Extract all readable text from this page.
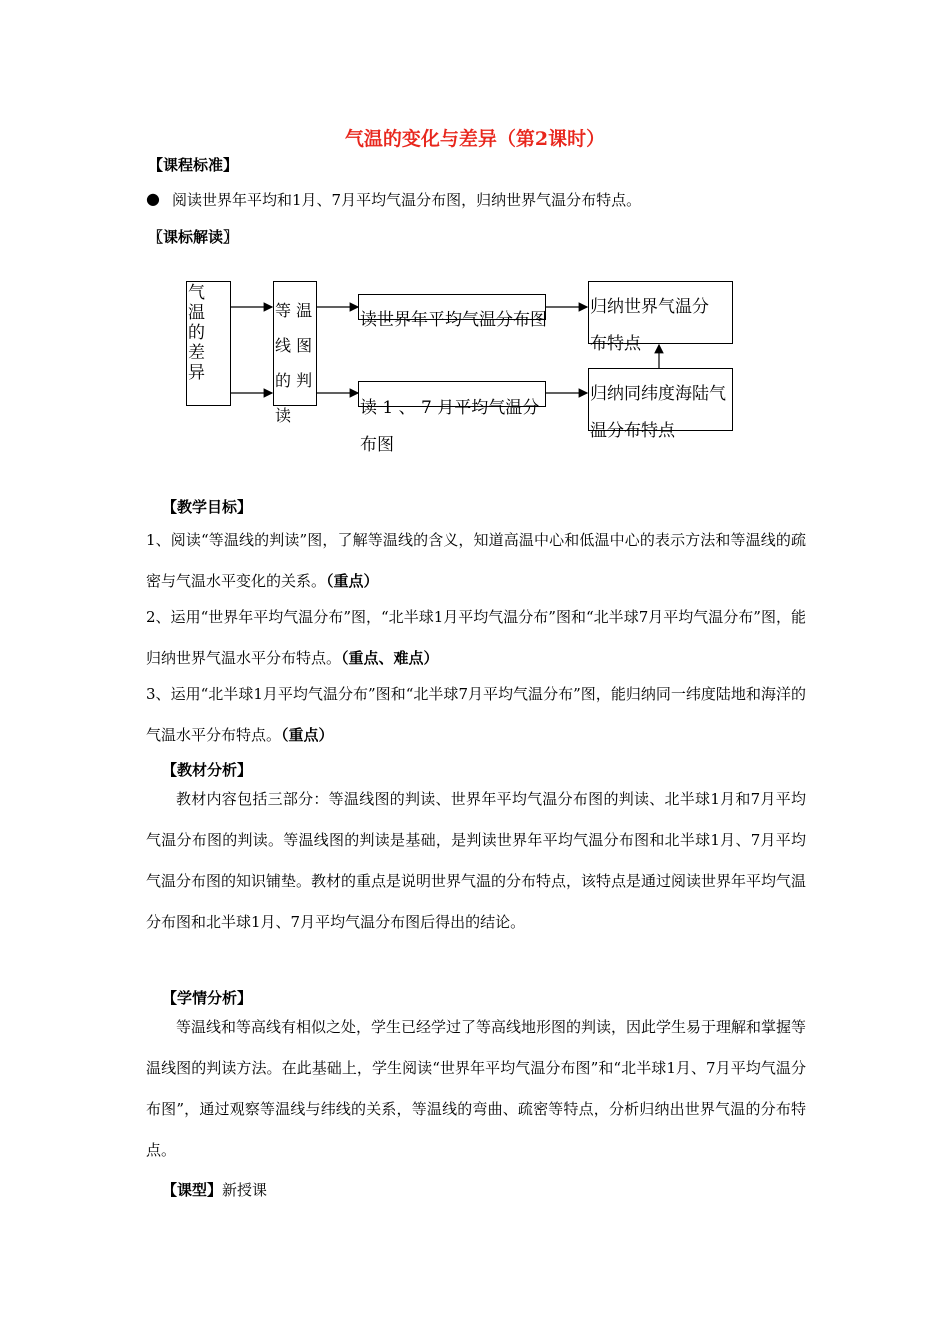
气温的变化与差异（第2课时）
【课程标准】
● 阅读世界年平均和1月、7月平均气温分布图，归纳世界气温分布特点。
〖课标解读〗
气温的差异
等 温 线 图 的 判 读
读世界年平均气温分布图
读 1 、 7 月平均气温分布图
归纳世界气温分布特点
归纳同纬度海陆气温分布特点
【教学目标】
1、阅读“等温线的判读”图，了解等温线的含义，知道高温中心和低温中心的表示方法和等温线的疏密与气温水平变化的关系。（重点）
2、运用“世界年平均气温分布”图，“北半球1月平均气温分布”图和“北半球7月平均气温分布”图，能归纳世界气温水平分布特点。（重点、难点）
3、运用“北半球1月平均气温分布”图和“北半球7月平均气温分布”图，能归纳同一纬度陆地和海洋的气温水平分布特点。（重点）
【教材分析】
教材内容包括三部分：等温线图的判读、世界年平均气温分布图的判读、北半球1月和7月平均气温分布图的判读。等温线图的判读是基础，是判读世界年平均气温分布图和北半球1月、7月平均气温分布图的知识铺垫。教材的重点是说明世界气温的分布特点，该特点是通过阅读世界年平均气温分布图和北半球1月、7月平均气温分布图后得出的结论。
【学情分析】
等温线和等高线有相似之处，学生已经学过了等高线地形图的判读，因此学生易于理解和掌握等温线图的判读方法。在此基础上，学生阅读“世界年平均气温分布图”和“北半球1月、7月平均气温分布图”，通过观察等温线与纬线的关系，等温线的弯曲、疏密等特点，分析归纳出世界气温的分布特点。
【课型】新授课
